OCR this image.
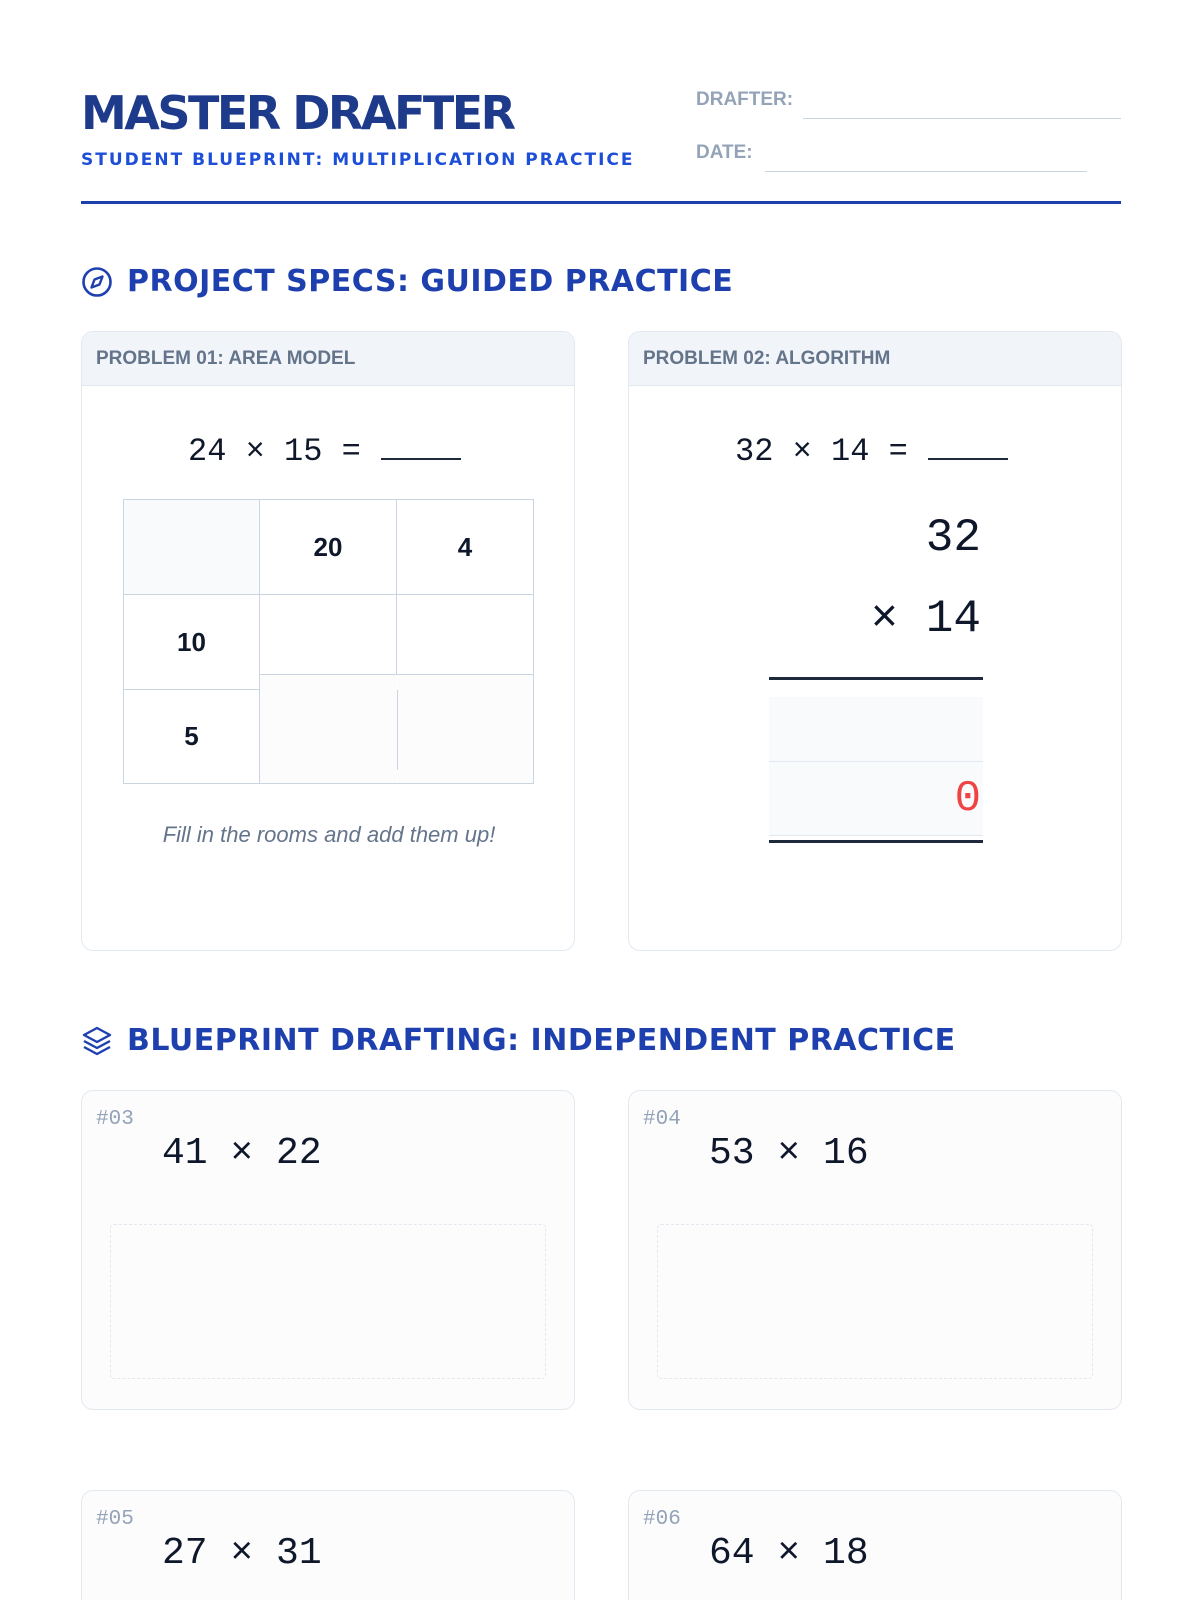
MASTER DRAFTER
STUDENT BLUEPRINT: MULTIPLICATION PRACTICE
DRAFTER:
DATE:
PROJECT SPECS: GUIDED PRACTICE
PROBLEM 01: AREA MODEL
24 × 15 =
20	4
10
5
Fill in the rooms and add them up!
PROBLEM 02: ALGORITHM
32 × 14 =
32
× 14
0
BLUEPRINT DRAFTING: INDEPENDENT PRACTICE
#03
41 × 22
#04
53 × 16
#05
27 × 31
#06
64 × 18
